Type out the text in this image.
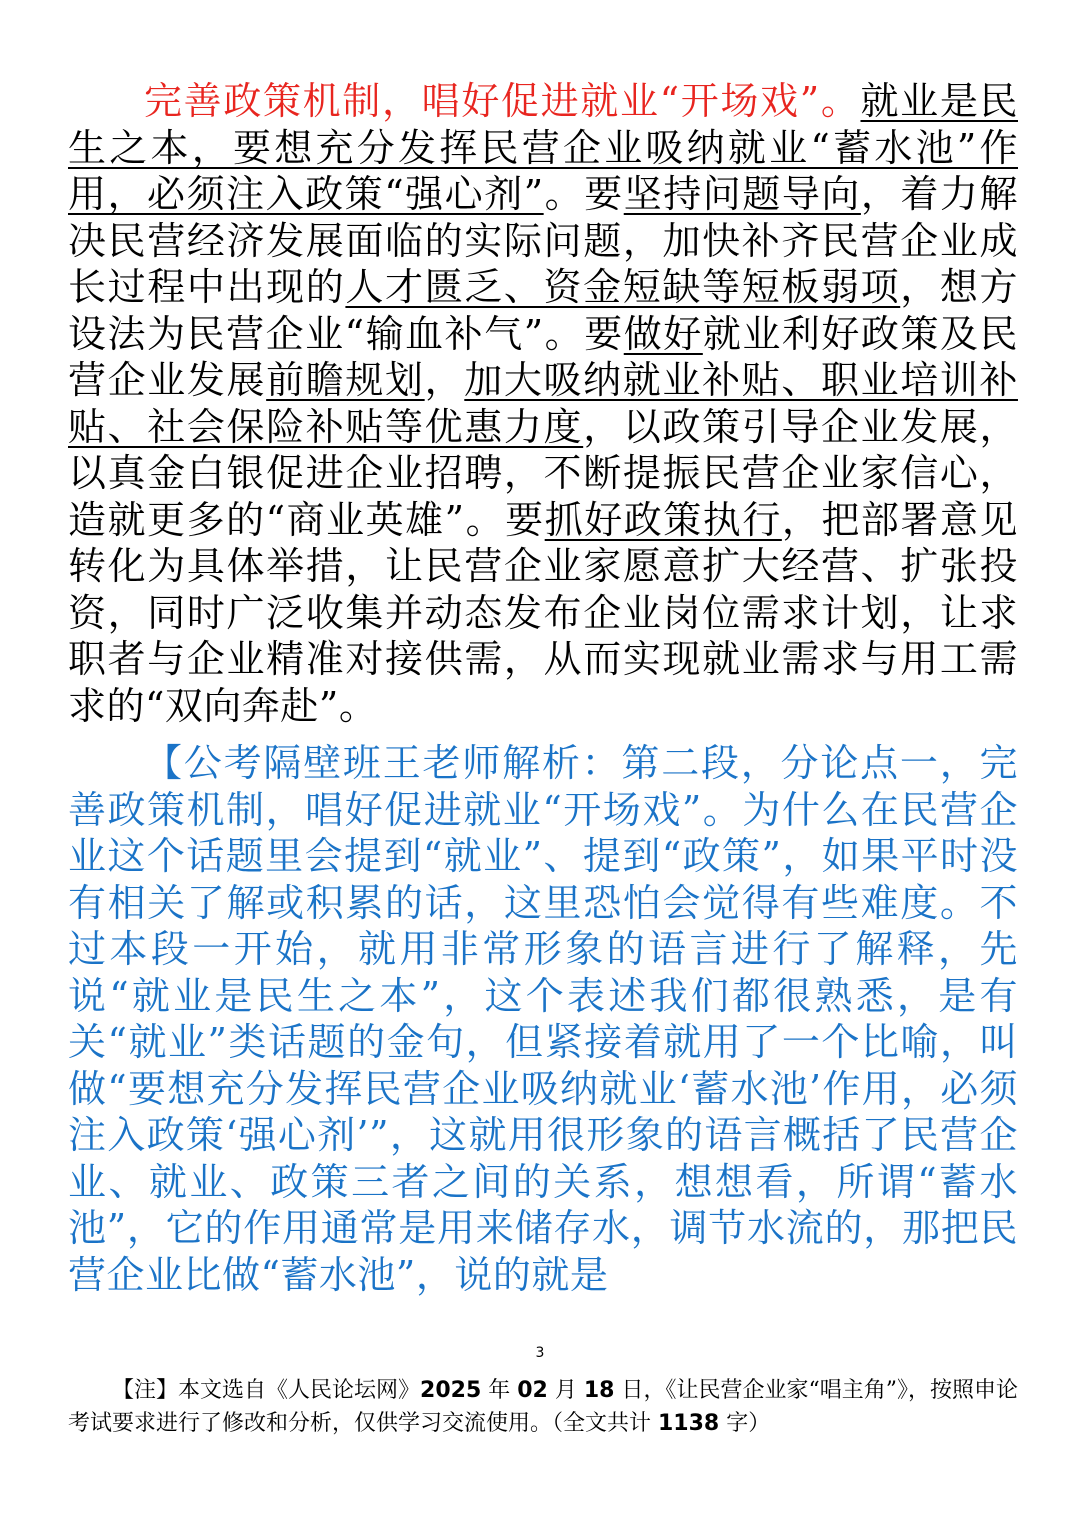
完善政策机制，唱好促进就业“开场戏”。就业是民生之本，要想充分发挥民营企业吸纳就业“蓄水池”作用，必须注入政策“强心剂”。要坚持问题导向，着力解决民营经济发展面临的实际问题，加快补齐民营企业成长过程中出现的人才匮乏、资金短缺等短板弱项，想方设法为民营企业“输血补气”。要做好就业利好政策及民营企业发展前瞻规划，加大吸纳就业补贴、职业培训补贴、社会保险补贴等优惠力度，以政策引导企业发展，以真金白银促进企业招聘，不断提振民营企业家信心，造就更多的“商业英雄”。要抓好政策执行，把部署意见转化为具体举措，让民营企业家愿意扩大经营、扩张投资，同时广泛收集并动态发布企业岗位需求计划，让求职者与企业精准对接供需，从而实现就业需求与用工需求的“双向奔赴”。

【公考隔壁班王老师解析：第二段，分论点一，完善政策机制，唱好促进就业“开场戏”。为什么在民营企业这个话题里会提到“就业”、提到“政策”，如果平时没有相关了解或积累的话，这里恐怕会觉得有些难度。不过本段一开始，就用非常形象的语言进行了解释，先说“就业是民生之本”，这个表述我们都很熟悉，是有关“就业”类话题的金句，但紧接着就用了一个比喻，叫做“要想充分发挥民营企业吸纳就业‘蓄水池’作用，必须注入政策‘强心剂’”，这就用很形象的语言概括了民营企业、就业、政策三者之间的关系，想想看，所谓“蓄水池”，它的作用通常是用来储存水，调节水流的，那把民营企业比做“蓄水池”，说的就是

3
【注】本文选自《人民论坛网》2025 年 02 月 18 日，《让民营企业家“唱主角”》，按照申论考试要求进行了修改和分析，仅供学习交流使用。（全文共计 1138 字）
